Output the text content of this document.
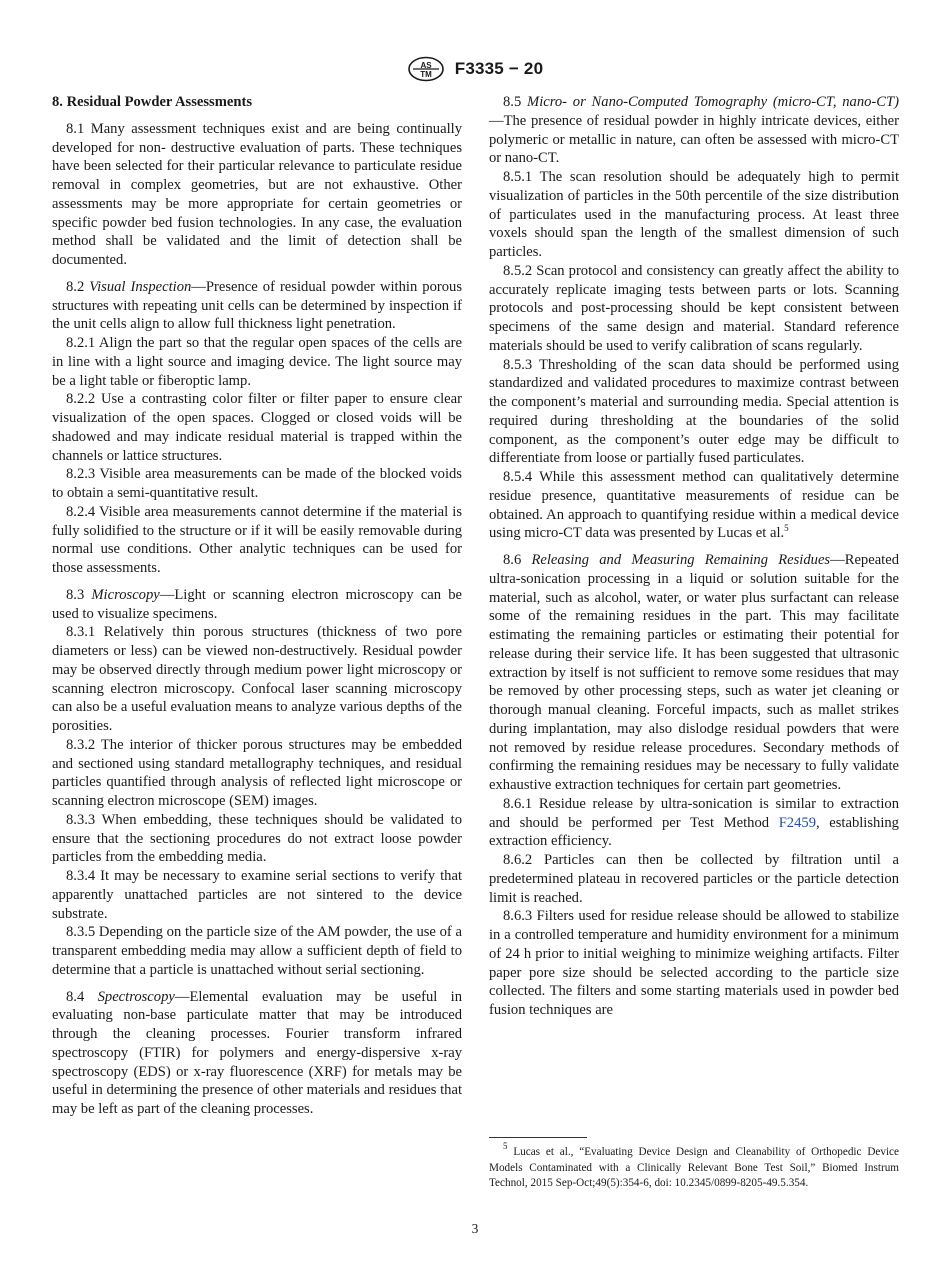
AS
TM F3335 − 20
8. Residual Powder Assessments

8.1 Many assessment techniques exist and are being continually developed for non- destructive evaluation of parts. These techniques have been selected for their particular relevance to particulate residue removal in complex geometries, but are not exhaustive. Other assessments may be more appropriate for certain geometries or specific powder bed fusion technologies. In any case, the evaluation method shall be validated and the limit of detection shall be documented.

8.2 Visual Inspection—Presence of residual powder within porous structures with repeating unit cells can be determined by inspection if the unit cells align to allow full thickness light penetration.

8.2.1 Align the part so that the regular open spaces of the cells are in line with a light source and imaging device. The light source may be a light table or fiberoptic lamp.

8.2.2 Use a contrasting color filter or filter paper to ensure clear visualization of the open spaces. Clogged or closed voids will be shadowed and may indicate residual material is trapped within the channels or lattice structures.

8.2.3 Visible area measurements can be made of the blocked voids to obtain a semi-quantitative result.

8.2.4 Visible area measurements cannot determine if the material is fully solidified to the structure or if it will be easily removable during normal use conditions. Other analytic techniques can be used for those assessments.

8.3 Microscopy—Light or scanning electron microscopy can be used to visualize specimens.

8.3.1 Relatively thin porous structures (thickness of two pore diameters or less) can be viewed non-destructively. Residual powder may be observed directly through medium power light microscopy or scanning electron microscopy. Confocal laser scanning microscopy can also be a useful evaluation means to analyze various depths of the porosities.

8.3.2 The interior of thicker porous structures may be embedded and sectioned using standard metallography techniques, and residual particles quantified through analysis of reflected light microscope or scanning electron microscope (SEM) images.

8.3.3 When embedding, these techniques should be validated to ensure that the sectioning procedures do not extract loose powder particles from the embedding media.

8.3.4 It may be necessary to examine serial sections to verify that apparently unattached particles are not sintered to the device substrate.

8.3.5 Depending on the particle size of the AM powder, the use of a transparent embedding media may allow a sufficient depth of field to determine that a particle is unattached without serial sectioning.

8.4 Spectroscopy—Elemental evaluation may be useful in evaluating non-base particulate matter that may be introduced through the cleaning processes. Fourier transform infrared spectroscopy (FTIR) for polymers and energy-dispersive x-ray spectroscopy (EDS) or x-ray fluorescence (XRF) for metals may be useful in determining the presence of other materials and residues that may be left as part of the cleaning processes.

8.5 Micro- or Nano-Computed Tomography (micro-CT, nano-CT)—The presence of residual powder in highly intricate devices, either polymeric or metallic in nature, can often be assessed with micro-CT or nano-CT.

8.5.1 The scan resolution should be adequately high to permit visualization of particles in the 50th percentile of the size distribution of particulates used in the manufacturing process. At least three voxels should span the length of the smallest dimension of such particles.

8.5.2 Scan protocol and consistency can greatly affect the ability to accurately replicate imaging tests between parts or lots. Scanning protocols and post-processing should be kept consistent between specimens of the same design and material. Standard reference materials should be used to verify calibration of scans regularly.

8.5.3 Thresholding of the scan data should be performed using standardized and validated procedures to maximize contrast between the component’s material and surrounding media. Special attention is required during thresholding at the boundaries of the solid component, as the component’s outer edge may be difficult to differentiate from loose or partially fused particulates.

8.5.4 While this assessment method can qualitatively determine residue presence, quantitative measurements of residue can be obtained. An approach to quantifying residue within a medical device using micro-CT data was presented by Lucas et al.$^5$

8.6 Releasing and Measuring Remaining Residues—Repeated ultra-sonication processing in a liquid or solution suitable for the material, such as alcohol, water, or water plus surfactant can release some of the remaining residues in the part. This may facilitate estimating the remaining particles or estimating their potential for release during their service life. It has been suggested that ultrasonic extraction by itself is not sufficient to remove some residues that may be removed by other processing steps, such as water jet cleaning or thorough manual cleaning. Forceful impacts, such as mallet strikes during implantation, may also dislodge residual powders that were not removed by residue release procedures. Secondary methods of confirming the remaining residues may be necessary to fully validate exhaustive extraction techniques for certain part geometries.

8.6.1 Residue release by ultra-sonication is similar to extraction and should be performed per Test Method F2459, establishing extraction efficiency.

8.6.2 Particles can then be collected by filtration until a predetermined plateau in recovered particles or the particle detection limit is reached.

8.6.3 Filters used for residue release should be allowed to stabilize in a controlled temperature and humidity environment for a minimum of 24 h prior to initial weighing to minimize weighing artifacts. Filter paper pore size should be selected according to the particle size collected. The filters and some starting materials used in powder bed fusion techniques are

$^5$ Lucas et al., “Evaluating Device Design and Cleanability of Orthopedic Device Models Contaminated with a Clinically Relevant Bone Test Soil,” Biomed Instrum Technol, 2015 Sep-Oct;49(5):354-6, doi: 10.2345/0899-8205-49.5.354.

3
